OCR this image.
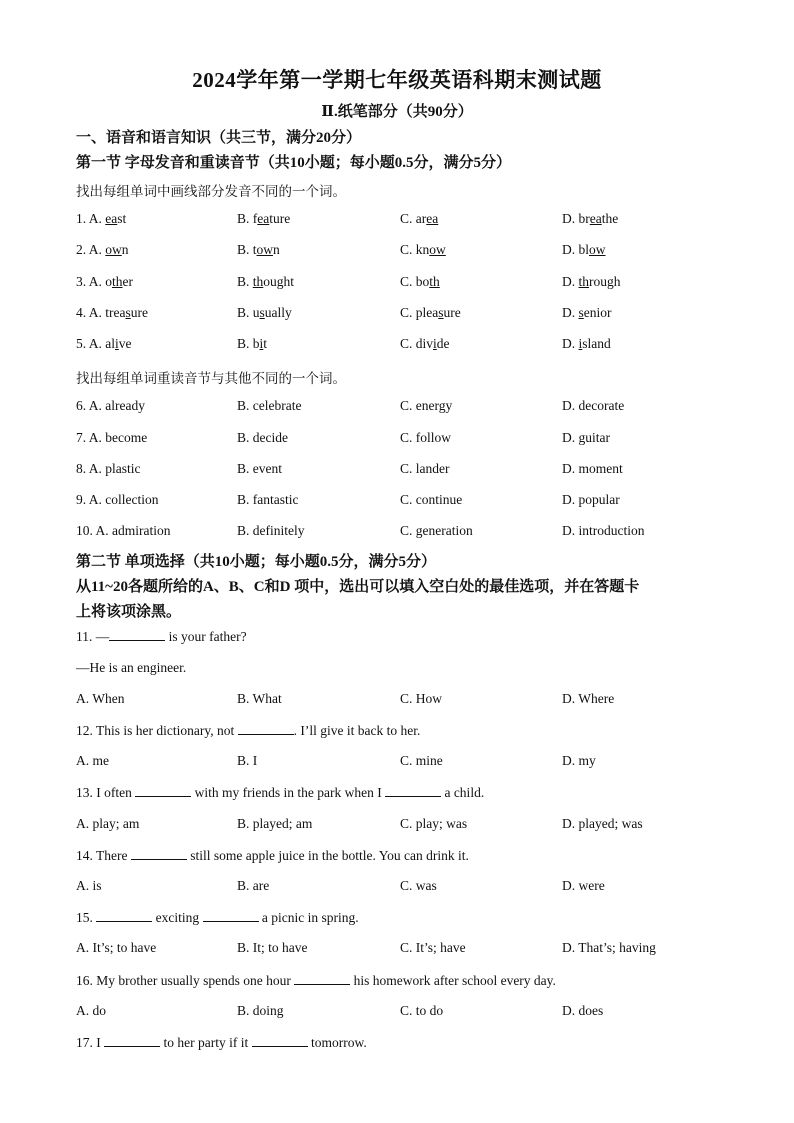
2024学年第一学期七年级英语科期末测试题
Ⅱ.纸笔部分（共90分）
一、语音和语言知识（共三节，满分20分）
第一节 字母发音和重读音节（共10小题；每小题0.5分，满分5分）
找出每组单词中画线部分发音不同的一个词。
1. A. east	B. feature	C. area	D. breathe
2. A. own	B. town	C. know	D. blow
3. A. other	B. thought	C. both	D. through
4. A. treasure	B. usually	C. pleasure	D. senior
5. A. alive	B. bit	C. divide	D. island
找出每组单词重读音节与其他不同的一个词。
6. A. already	B. celebrate	C. energy	D. decorate
7. A. become	B. decide	C. follow	D. guitar
8. A. plastic	B. event	C. lander	D. moment
9. A. collection	B. fantastic	C. continue	D. popular
10. A. admiration	B. definitely	C. generation	D. introduction
第二节 单项选择（共10小题；每小题0.5分，满分5分）
从11~20各题所给的A、B、C和D 项中，选出可以填入空白处的最佳选项，并在答题卡
上将该项涂黑。
11. —	is your father?
—He is an engineer.
A. When	B. What	C. How	D. Where
12. This is her dictionary, not	. I’ll give it back to her.
A. me	B. I	C. mine	D. my
13. I often	with my friends in the park when I	a child.
A. play; am	B. played; am	C. play; was	D. played; was
14. There	still some apple juice in the bottle. You can drink it.
A. is	B. are	C. was	D. were
15.	exciting	a picnic in spring.
A. It’s; to have	B. It; to have	C. It’s; have	D. That’s; having
16. My brother usually spends one hour	his homework after school every day.
A. do	B. doing	C. to do	D. does
17. I	to her party if it	tomorrow.
